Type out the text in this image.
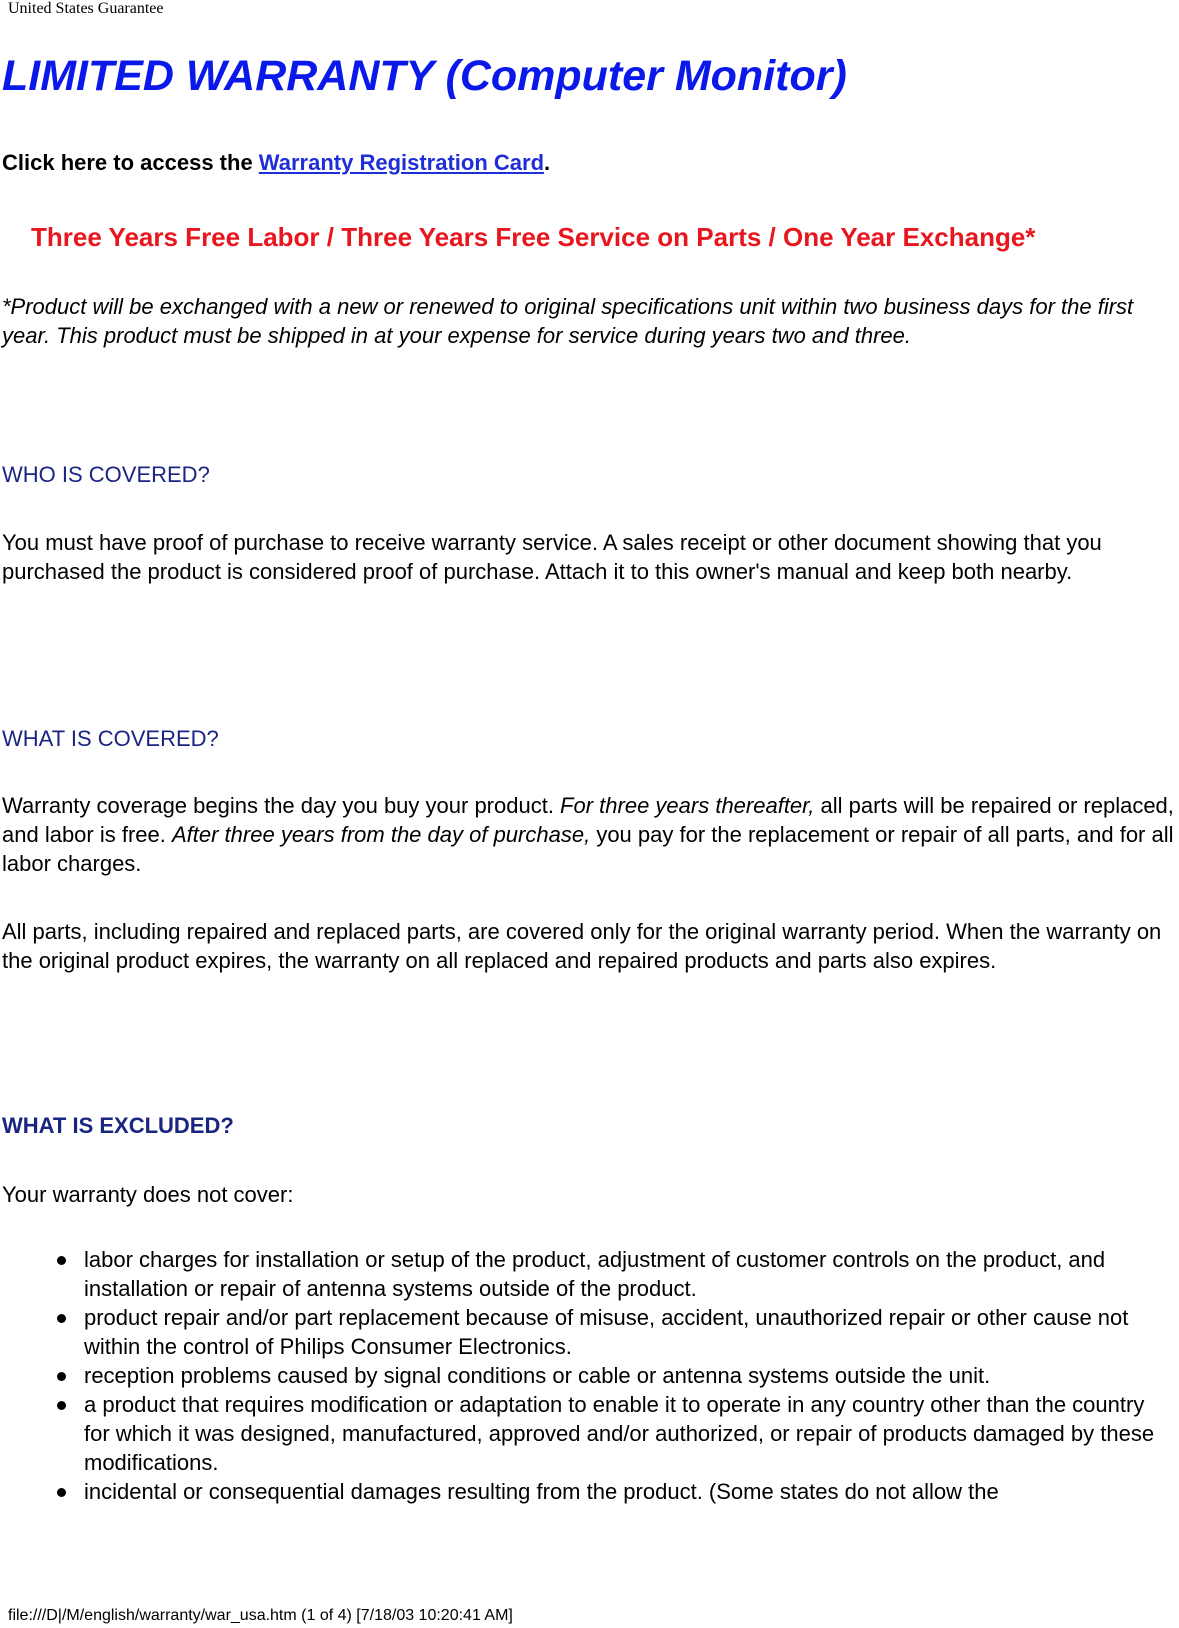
United States Guarantee
LIMITED WARRANTY (Computer Monitor)

Click here to access the Warranty Registration Card.

Three Years Free Labor / Three Years Free Service on Parts / One Year Exchange*

*Product will be exchanged with a new or renewed to original specifications unit within two business days for the first year. This product must be shipped in at your expense for service during years two and three.

WHO IS COVERED?

You must have proof of purchase to receive warranty service. A sales receipt or other document showing that you purchased the product is considered proof of purchase. Attach it to this owner's manual and keep both nearby.

WHAT IS COVERED?

Warranty coverage begins the day you buy your product. For three years thereafter, all parts will be repaired or replaced, and labor is free. After three years from the day of purchase, you pay for the replacement or repair of all parts, and for all labor charges.

All parts, including repaired and replaced parts, are covered only for the original warranty period. When the warranty on the original product expires, the warranty on all replaced and repaired products and parts also expires.

WHAT IS EXCLUDED?

Your warranty does not cover:

labor charges for installation or setup of the product, adjustment of customer controls on the product, and installation or repair of antenna systems outside of the product.
product repair and/or part replacement because of misuse, accident, unauthorized repair or other cause not within the control of Philips Consumer Electronics.
reception problems caused by signal conditions or cable or antenna systems outside the unit.
a product that requires modification or adaptation to enable it to operate in any country other than the country for which it was designed, manufactured, approved and/or authorized, or repair of products damaged by these modifications.
incidental or consequential damages resulting from the product. (Some states do not allow the
file:///D|/M/english/warranty/war_usa.htm (1 of 4) [7/18/03 10:20:41 AM]
